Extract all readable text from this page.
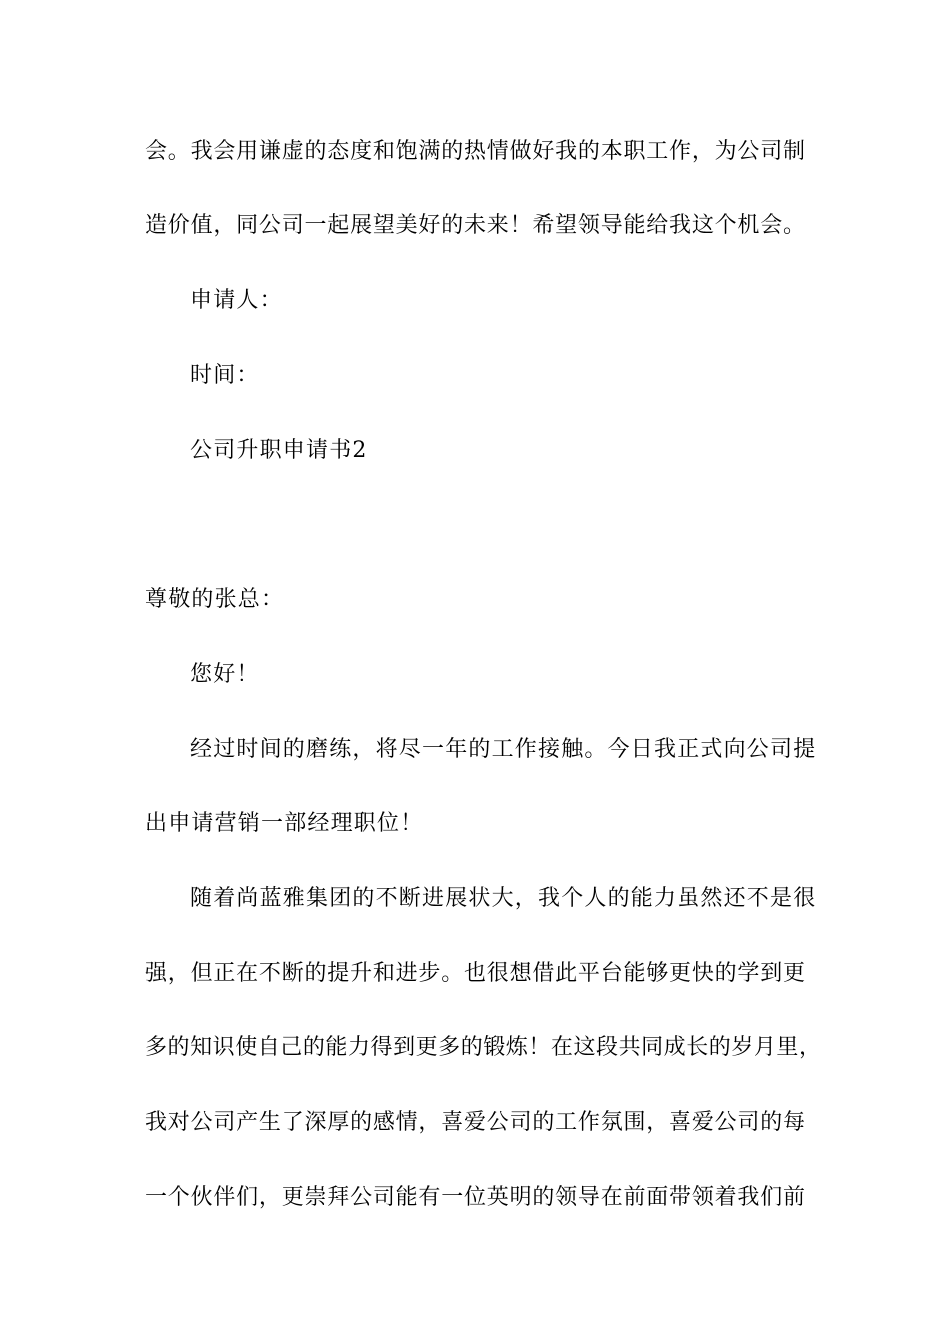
会。我会用谦虚的态度和饱满的热情做好我的本职工作，为公司制
造价值，同公司一起展望美好的未来！希望领导能给我这个机会。
申请人：
时间：
公司升职申请书2
尊敬的张总：
您好！
经过时间的磨练，将尽一年的工作接触。今日我正式向公司提
出申请营销一部经理职位！
随着尚蓝雅集团的不断进展状大，我个人的能力虽然还不是很
强，但正在不断的提升和进步。也很想借此平台能够更快的学到更
多的知识使自己的能力得到更多的锻炼！在这段共同成长的岁月里，
我对公司产生了深厚的感情，喜爱公司的工作氛围，喜爱公司的每
一个伙伴们，更崇拜公司能有一位英明的领导在前面带领着我们前
